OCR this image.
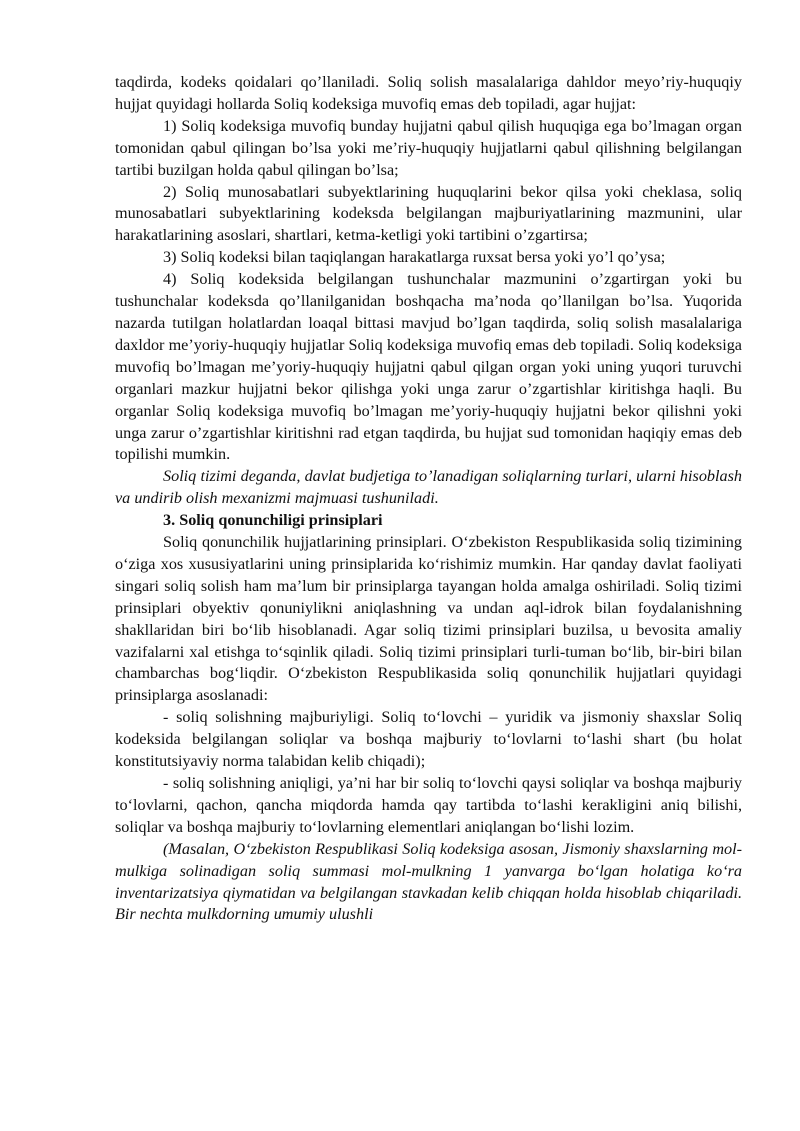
taqdirda, kodeks qoidalari qo’llaniladi. Soliq solish masalalariga dahldor meyo’riy-huquqiy hujjat quyidagi hollarda Soliq kodeksiga muvofiq emas deb topiladi, agar hujjat:

1) Soliq kodeksiga muvofiq bunday hujjatni qabul qilish huquqiga ega bo’lmagan organ tomonidan qabul qilingan bo’lsa yoki me’riy-huquqiy hujjatlarni qabul qilishning belgilangan tartibi buzilgan holda qabul qilingan bo’lsa;

2) Soliq munosabatlari subyektlarining huquqlarini bekor qilsa yoki cheklasa, soliq munosabatlari subyektlarining kodeksda belgilangan majburiyatlarining mazmunini, ular harakatlarining asoslari, shartlari, ketma-ketligi yoki tartibini o’zgartirsa;

3) Soliq kodeksi bilan taqiqlangan harakatlarga ruxsat bersa yoki yo’l qo’ysa;

4) Soliq kodeksida belgilangan tushunchalar mazmunini o’zgartirgan yoki bu tushunchalar kodeksda qo’llanilganidan boshqacha ma’noda qo’llanilgan bo’lsa. Yuqorida nazarda tutilgan holatlardan loaqal bittasi mavjud bo’lgan taqdirda, soliq solish masalalariga daxldor me’yoriy-huquqiy hujjatlar Soliq kodeksiga muvofiq emas deb topiladi. Soliq kodeksiga muvofiq bo’lmagan me’yoriy-huquqiy hujjatni qabul qilgan organ yoki uning yuqori turuvchi organlari mazkur hujjatni bekor qilishga yoki unga zarur o’zgartishlar kiritishga haqli. Bu organlar Soliq kodeksiga muvofiq bo’lmagan me’yoriy-huquqiy hujjatni bekor qilishni yoki unga zarur o’zgartishlar kiritishni rad etgan taqdirda, bu hujjat sud tomonidan haqiqiy emas deb topilishi mumkin.

Soliq tizimi deganda, davlat budjetiga to’lanadigan soliqlarning turlari, ularni hisoblash va undirib olish mexanizmi majmuasi tushuniladi.

3. Soliq qonunchiligi prinsiplari

Soliq qonunchilik hujjatlarining prinsiplari. O‘zbekiston Respublikasida soliq tizimining o‘ziga xos xususiyatlarini uning prinsiplarida ko‘rishimiz mumkin. Har qanday davlat faoliyati singari soliq solish ham ma’lum bir prinsiplarga tayangan holda amalga oshiriladi. Soliq tizimi prinsiplari obyektiv qonuniylikni aniqlashning va undan aql-idrok bilan foydalanishning shakllaridan biri bo‘lib hisoblanadi. Agar soliq tizimi prinsiplari buzilsa, u bevosita amaliy vazifalarni xal etishga to‘sqinlik qiladi. Soliq tizimi prinsiplari turli-tuman bo‘lib, bir-biri bilan chambarchas bog‘liqdir. O‘zbekiston Respublikasida soliq qonunchilik hujjatlari quyidagi prinsiplarga asoslanadi:

- soliq solishning majburiyligi. Soliq to‘lovchi – yuridik va jismoniy shaxslar Soliq kodeksida belgilangan soliqlar va boshqa majburiy to‘lovlarni to‘lashi shart (bu holat konstitutsiyaviy norma talabidan kelib chiqadi);

- soliq solishning aniqligi, ya’ni har bir soliq to‘lovchi qaysi soliqlar va boshqa majburiy to‘lovlarni, qachon, qancha miqdorda hamda qay tartibda to‘lashi kerakligini aniq bilishi, soliqlar va boshqa majburiy to‘lovlarning elementlari aniqlangan bo‘lishi lozim.

(Masalan, O‘zbekiston Respublikasi Soliq kodeksiga asosan, Jismoniy shaxslarning mol-mulkiga solinadigan soliq summasi mol-mulkning 1 yanvarga bo‘lgan holatiga ko‘ra inventarizatsiya qiymatidan va belgilangan stavkadan kelib chiqqan holda hisoblab chiqariladi. Bir nechta mulkdorning umumiy ulushli
